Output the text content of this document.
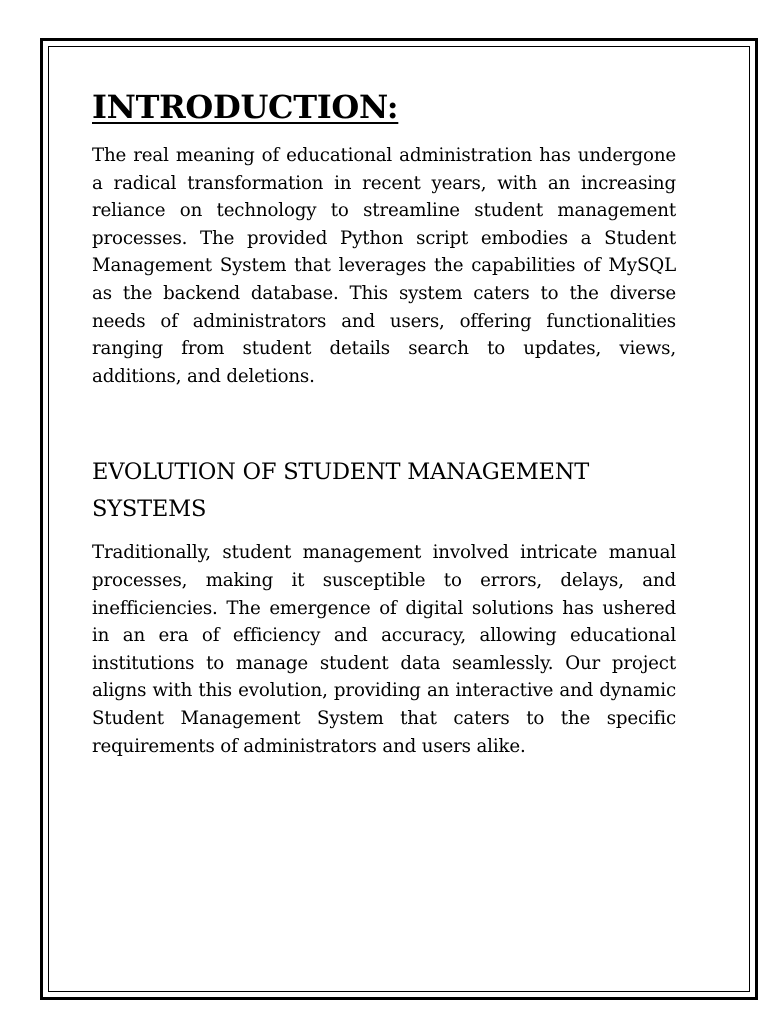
INTRODUCTION:

The real meaning of educational administration has undergone a radical transformation in recent years, with an increasing reliance on technology to streamline student management processes. The provided Python script embodies a Student Management System that leverages the capabilities of MySQL as the backend database. This system caters to the diverse needs of administrators and users, offering functionalities ranging from student details search to updates, views, additions, and deletions.

EVOLUTION OF STUDENT MANAGEMENT SYSTEMS

Traditionally, student management involved intricate manual processes, making it susceptible to errors, delays, and inefficiencies. The emergence of digital solutions has ushered in an era of efficiency and accuracy, allowing educational institutions to manage student data seamlessly. Our project aligns with this evolution, providing an interactive and dynamic Student Management System that caters to the specific requirements of administrators and users alike.
